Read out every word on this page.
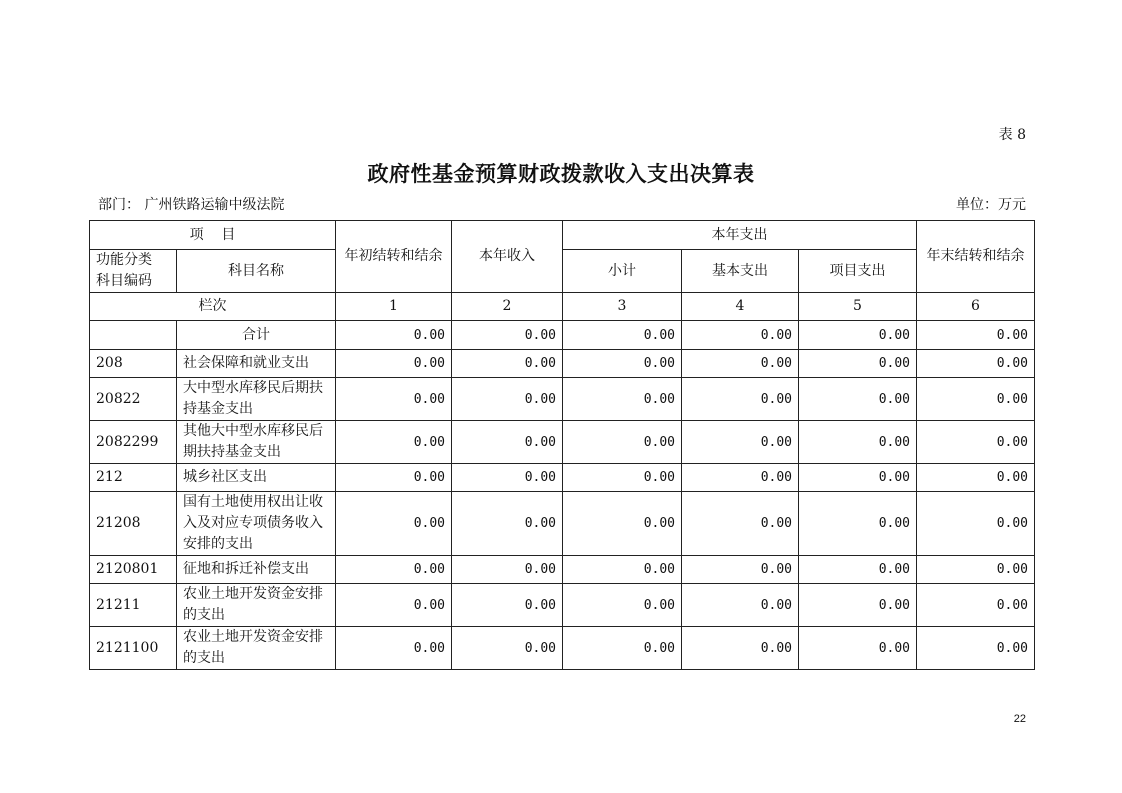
表 8
政府性基金预算财政拨款收入支出决算表
部门： 广州铁路运输中级法院	单位：万元
项    目		年初结转和结余	本年收入	本年支出			年末结转和结余
功能分类
科目编码	科目名称			小计	基本支出	项目支出	
栏次		1	2	3	4	5	6
	合计	0.00	0.00	0.00	0.00	0.00	0.00
208	社会保障和就业支出	0.00	0.00	0.00	0.00	0.00	0.00
20822	大中型水库移民后期扶持基金支出	0.00	0.00	0.00	0.00	0.00	0.00
2082299	其他大中型水库移民后期扶持基金支出	0.00	0.00	0.00	0.00	0.00	0.00
212	城乡社区支出	0.00	0.00	0.00	0.00	0.00	0.00
21208	国有土地使用权出让收入及对应专项债务收入安排的支出	0.00	0.00	0.00	0.00	0.00	0.00
2120801	征地和拆迁补偿支出	0.00	0.00	0.00	0.00	0.00	0.00
21211	农业土地开发资金安排的支出	0.00	0.00	0.00	0.00	0.00	0.00
2121100	农业土地开发资金安排的支出	0.00	0.00	0.00	0.00	0.00	0.00
22
